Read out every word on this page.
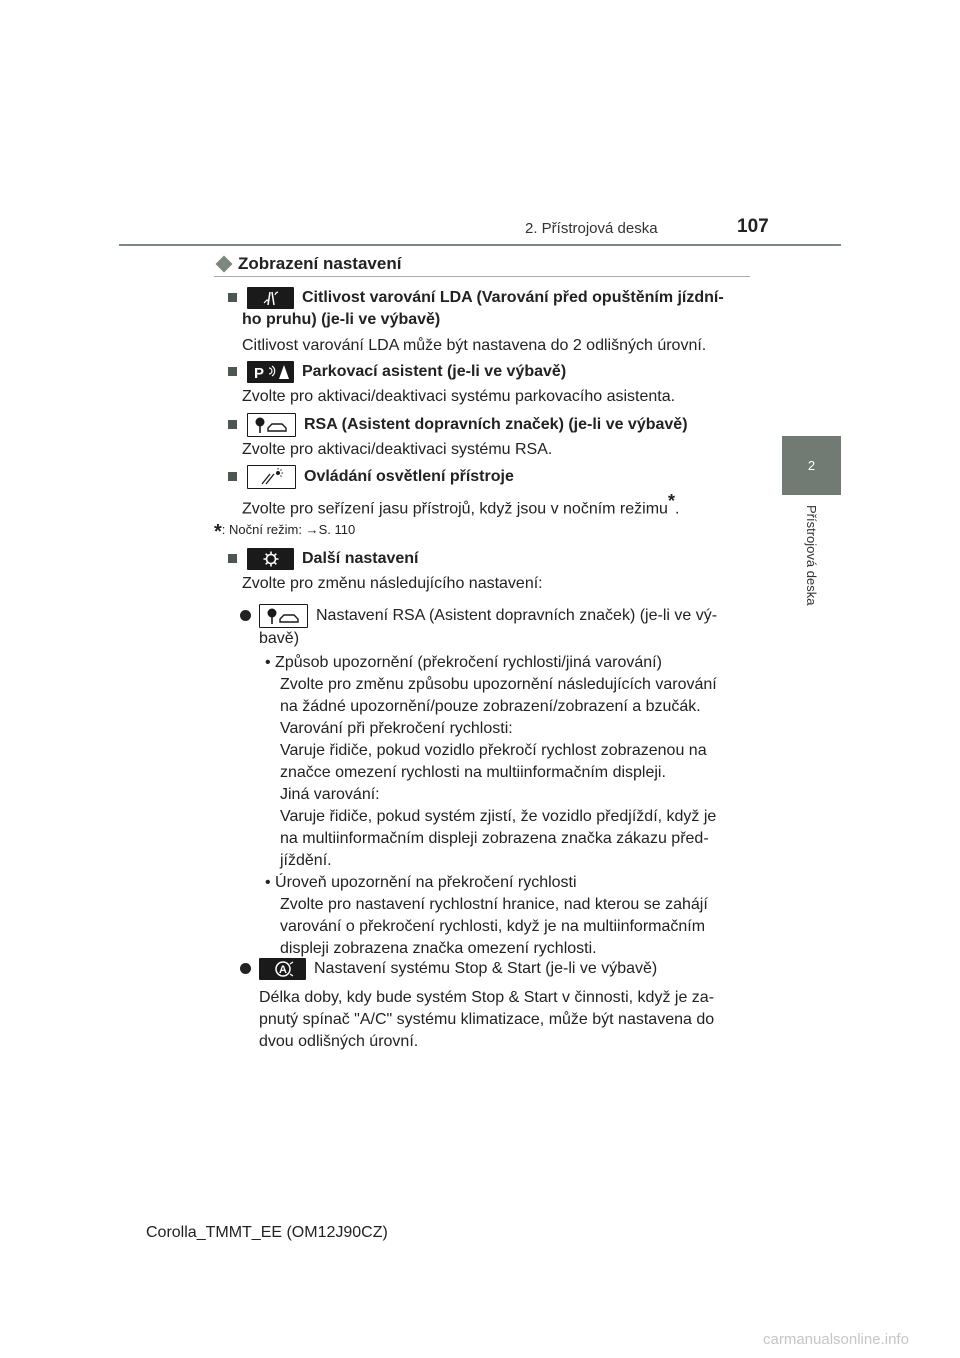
2. Přístrojová deska	107
2
Přístrojová deska
Zobrazení nastavení
Citlivost varování LDA (Varování před opuštěním jízdní-
ho pruhu) (je-li ve výbavě)
Citlivost varování LDA může být nastavena do 2 odlišných úrovní.
P Parkovací asistent (je-li ve výbavě)
Zvolte pro aktivaci/deaktivaci systému parkovacího asistenta.
RSA (Asistent dopravních značek) (je-li ve výbavě)
Zvolte pro aktivaci/deaktivaci systému RSA.
Ovládání osvětlení přístroje
Zvolte pro seřízení jasu přístrojů, když jsou v nočním režimu*.
*: Noční režim: →S. 110
Další nastavení
Zvolte pro změnu následujícího nastavení:
Nastavení RSA (Asistent dopravních značek) (je-li ve vý-
bavě)
• Způsob upozornění (překročení rychlosti/jiná varování)
Zvolte pro změnu způsobu upozornění následujících varování
na žádné upozornění/pouze zobrazení/zobrazení a bzučák.
Varování při překročení rychlosti:
Varuje řidiče, pokud vozidlo překročí rychlost zobrazenou na
značce omezení rychlosti na multiinformačním displeji.
Jiná varování:
Varuje řidiče, pokud systém zjistí, že vozidlo předjíždí, když je
na multiinformačním displeji zobrazena značka zákazu před-
jíždění.
• Úroveň upozornění na překročení rychlosti
Zvolte pro nastavení rychlostní hranice, nad kterou se zahájí
varování o překročení rychlosti, když je na multiinformačním
displeji zobrazena značka omezení rychlosti.
A Nastavení systému Stop & Start (je-li ve výbavě)
Délka doby, kdy bude systém Stop & Start v činnosti, když je za-
pnutý spínač "A/C" systému klimatizace, může být nastavena do
dvou odlišných úrovní.
Corolla_TMMT_EE (OM12J90CZ)
carmanualsonline.info
